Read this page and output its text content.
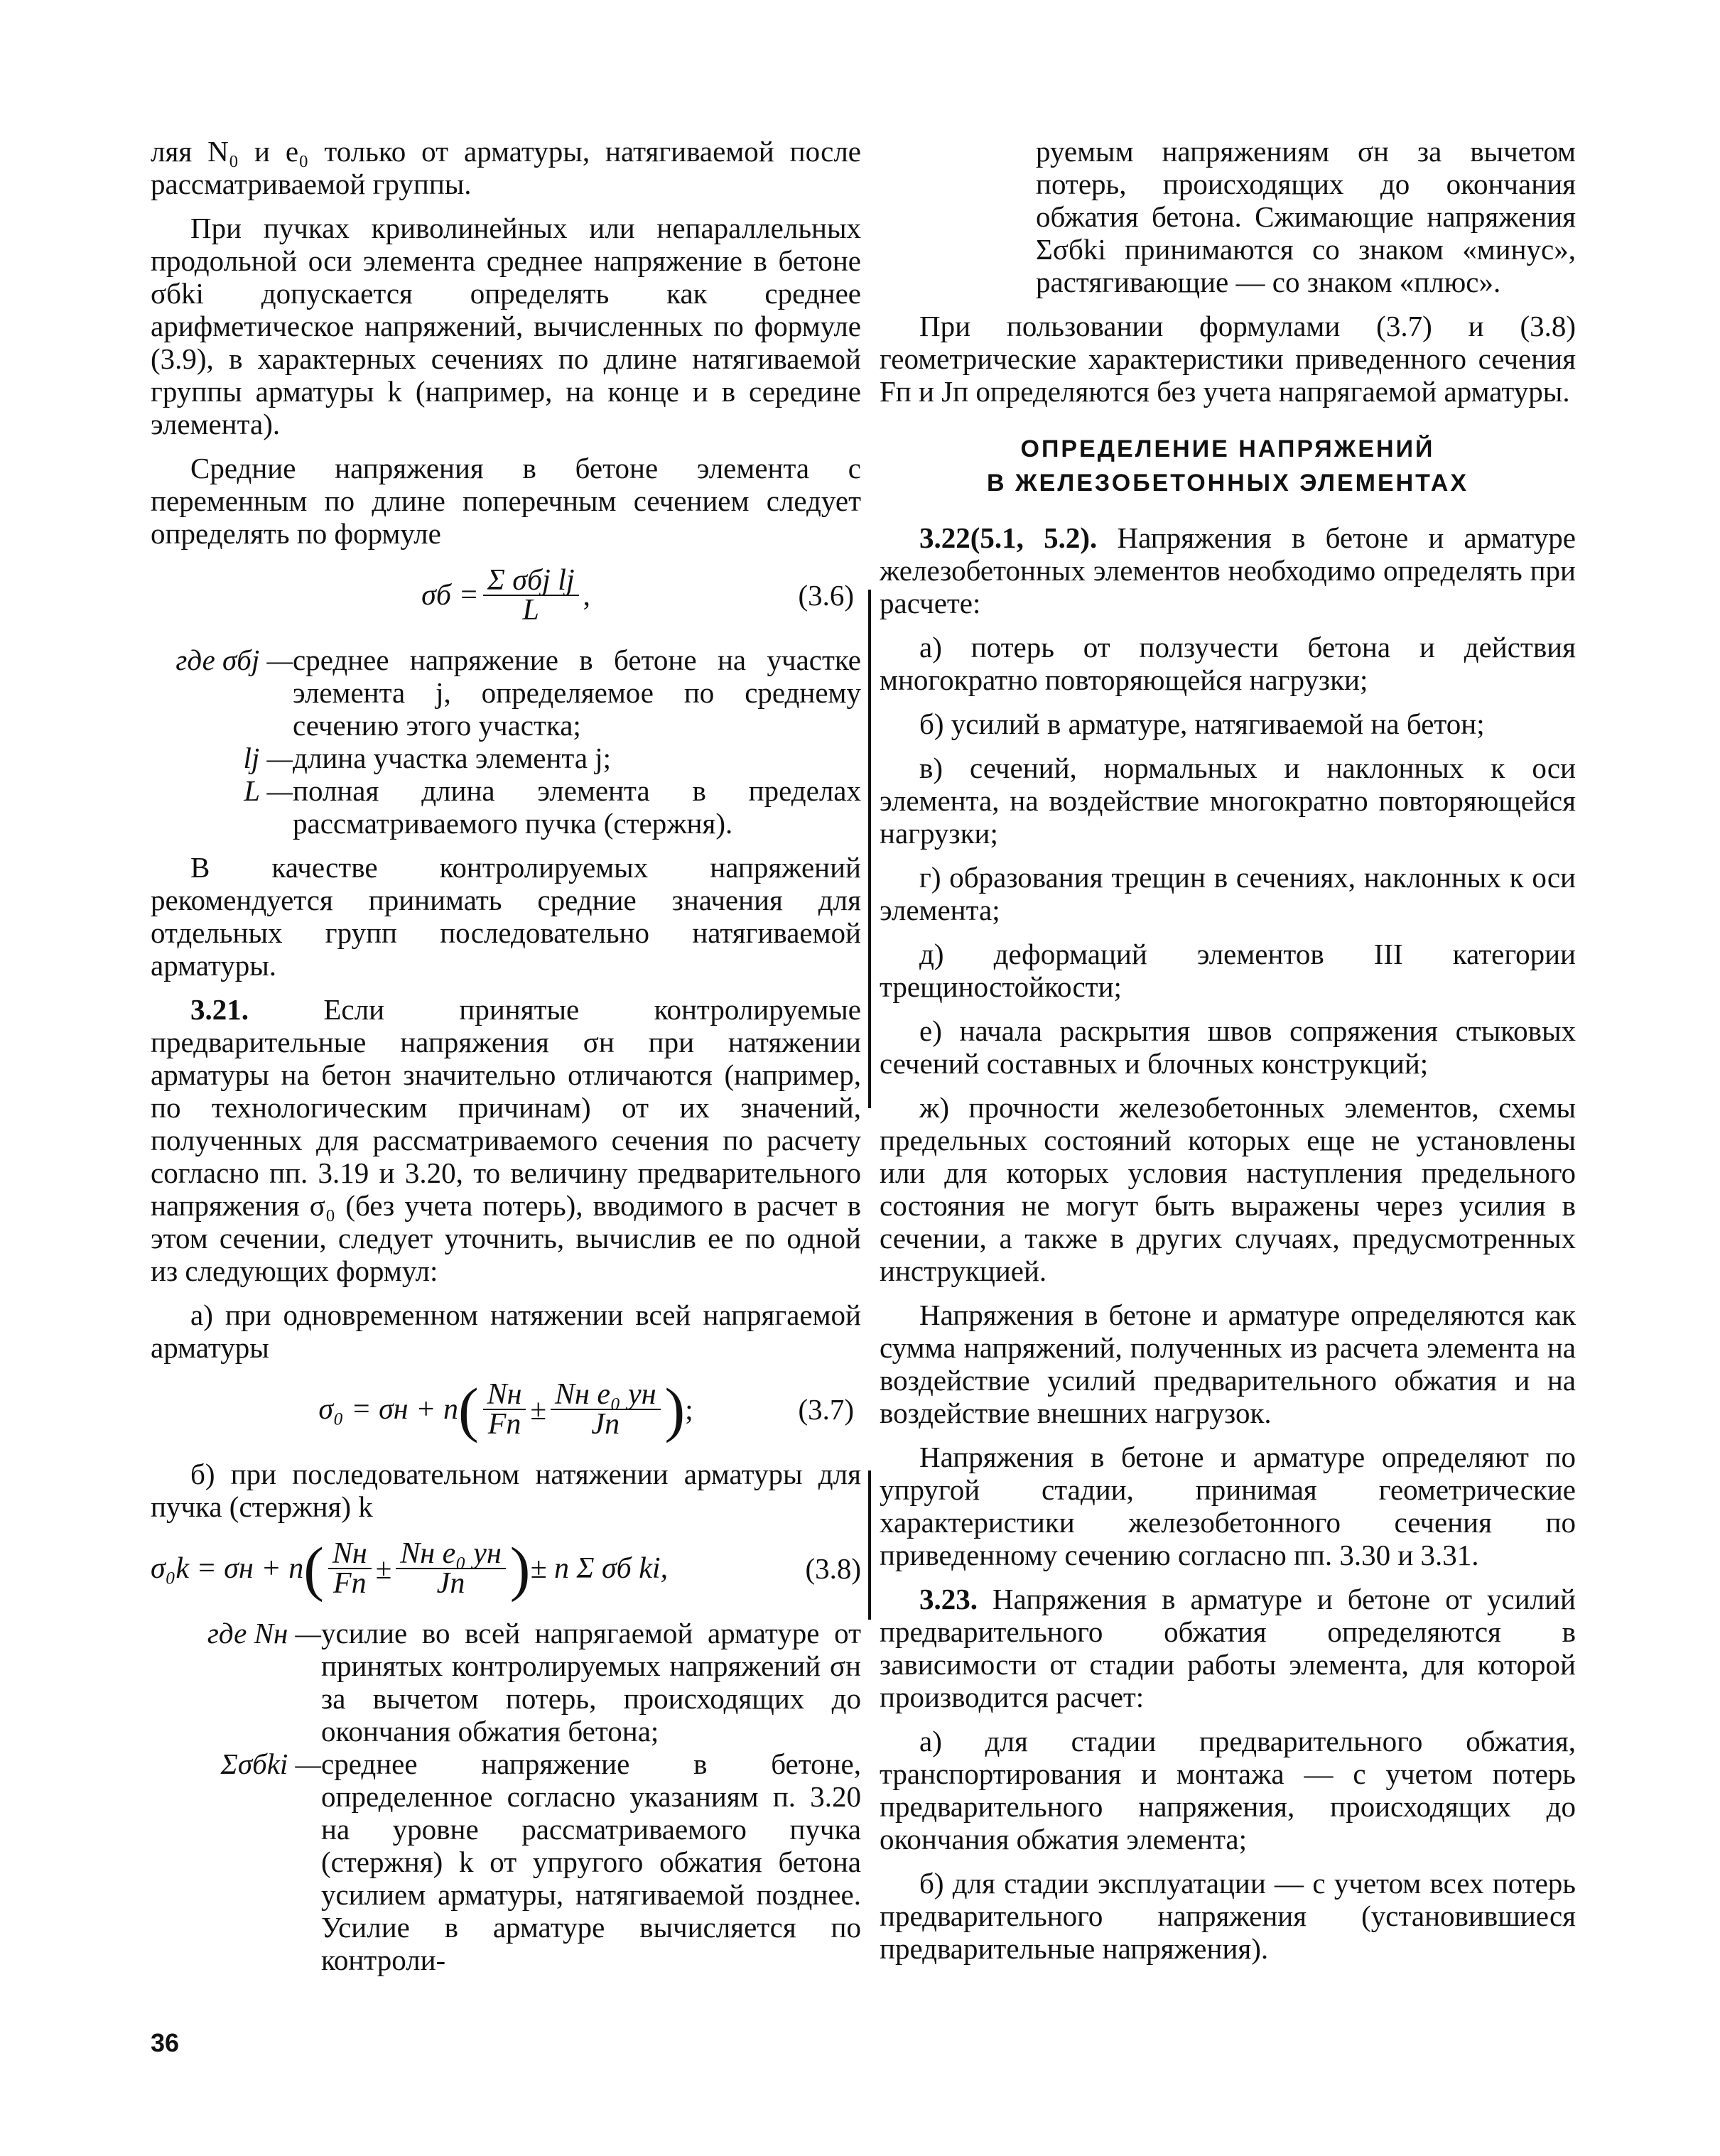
ляя N₀ и e₀ только от арматуры, натягиваемой после рассматриваемой группы.

При пучках криволинейных или непараллельных продольной оси элемента среднее напряжение в бетоне σбki допускается определять как среднее арифметическое напряжений, вычисленных по формуле (3.9), в характерных сечениях по длине натягиваемой группы арматуры k (например, на конце и в середине элемента).

Средние напряжения в бетоне элемента с переменным по длине поперечным сечением следует определять по формуле

$\sigma б = \frac{\text{Σ σбj lj}}{L}$ ,	(3.6)
где σбj — среднее напряжение в бетоне на участке элемента j, определяемое по среднему сечению этого участка;
lj — длина участка элемента j;
L — полная длина элемента в пределах рассматриваемого пучка (стержня).

В качестве контролируемых напряжений рекомендуется принимать средние значения для отдельных групп последовательно натягиваемой арматуры.

3.21.	Если принятые контролируемые предварительные напряжения σн при натяжении арматуры на бетон значительно отличаются (например, по технологическим причинам) от их значений, полученных для рассматриваемого сечения по расчету согласно пп. 3.19 и 3.20, то величину предварительного напряжения σ₀ (без учета потерь), вводимого в расчет в этом сечении, следует уточнить, вычислив ее по одной из следующих формул:

а) при одновременном натяжении всей напрягаемой арматуры

σ₀ = σн + n ( $\frac{Nн}{Fп} \pm \frac{\text{Nн e₀ yн}}{Jп}$ ) ;	(3.7)

б) при последовательном натяжении арматуры для пучка (стержня) k

σ₀k = σн + n ( $\frac{Nн}{Fп} \pm \frac{\text{Nн e₀ yн}}{Jп}$ ) ± n Σ σб ki,	(3.8)
где Nн — усилие во всей напрягаемой арматуре от принятых контролируемых напряжений σн за вычетом потерь, происходящих до окончания обжатия бетона;
Σσбki — среднее напряжение в бетоне, определенное согласно указаниям п. 3.20 на уровне рассматриваемого пучка (стержня) k от упругого обжатия бетона усилием арматуры, натягиваемой позднее. Усилие в арматуре вычисляется по контроли-

руемым напряжениям σн за вычетом потерь, происходящих до окончания обжатия бетона. Сжимающие напряжения Σσбki принимаются со знаком «минус», растягивающие — со знаком «плюс».

При пользовании формулами (3.7) и (3.8) геометрические характеристики приведенного сечения Fп и Jп определяются без учета напрягаемой арматуры.

ОПРЕДЕЛЕНИЕ НАПРЯЖЕНИЙ
В ЖЕЛЕЗОБЕТОННЫХ ЭЛЕМЕНТАХ

3.22(5.1, 5.2). Напряжения в бетоне и арматуре железобетонных элементов необходимо определять при расчете:

а) потерь от ползучести бетона и действия многократно повторяющейся нагрузки;

б) усилий в арматуре, натягиваемой на бетон;

в) сечений, нормальных и наклонных к оси элемента, на воздействие многократно повторяющейся нагрузки;

г) образования трещин в сечениях, наклонных к оси элемента;

д) деформаций элементов III категории трещиностойкости;

е) начала раскрытия швов сопряжения стыковых сечений составных и блочных конструкций;

ж) прочности железобетонных элементов, схемы предельных состояний которых еще не установлены или для которых условия наступления предельного состояния не могут быть выражены через усилия в сечении, а также в других случаях, предусмотренных инструкцией.

Напряжения в бетоне и арматуре определяются как сумма напряжений, полученных из расчета элемента на воздействие усилий предварительного обжатия и на воздействие внешних нагрузок.

Напряжения в бетоне и арматуре определяют по упругой стадии, принимая геометрические характеристики железобетонного сечения по приведенному сечению согласно пп. 3.30 и 3.31.

3.23. Напряжения в арматуре и бетоне от усилий предварительного обжатия определяются в зависимости от стадии работы элемента, для которой производится расчет:

а) для стадии предварительного обжатия, транспортирования и монтажа — с учетом потерь предварительного напряжения, происходящих до окончания обжатия элемента;

б) для стадии эксплуатации — с учетом всех потерь предварительного напряжения (установившиеся предварительные напряжения).

36
